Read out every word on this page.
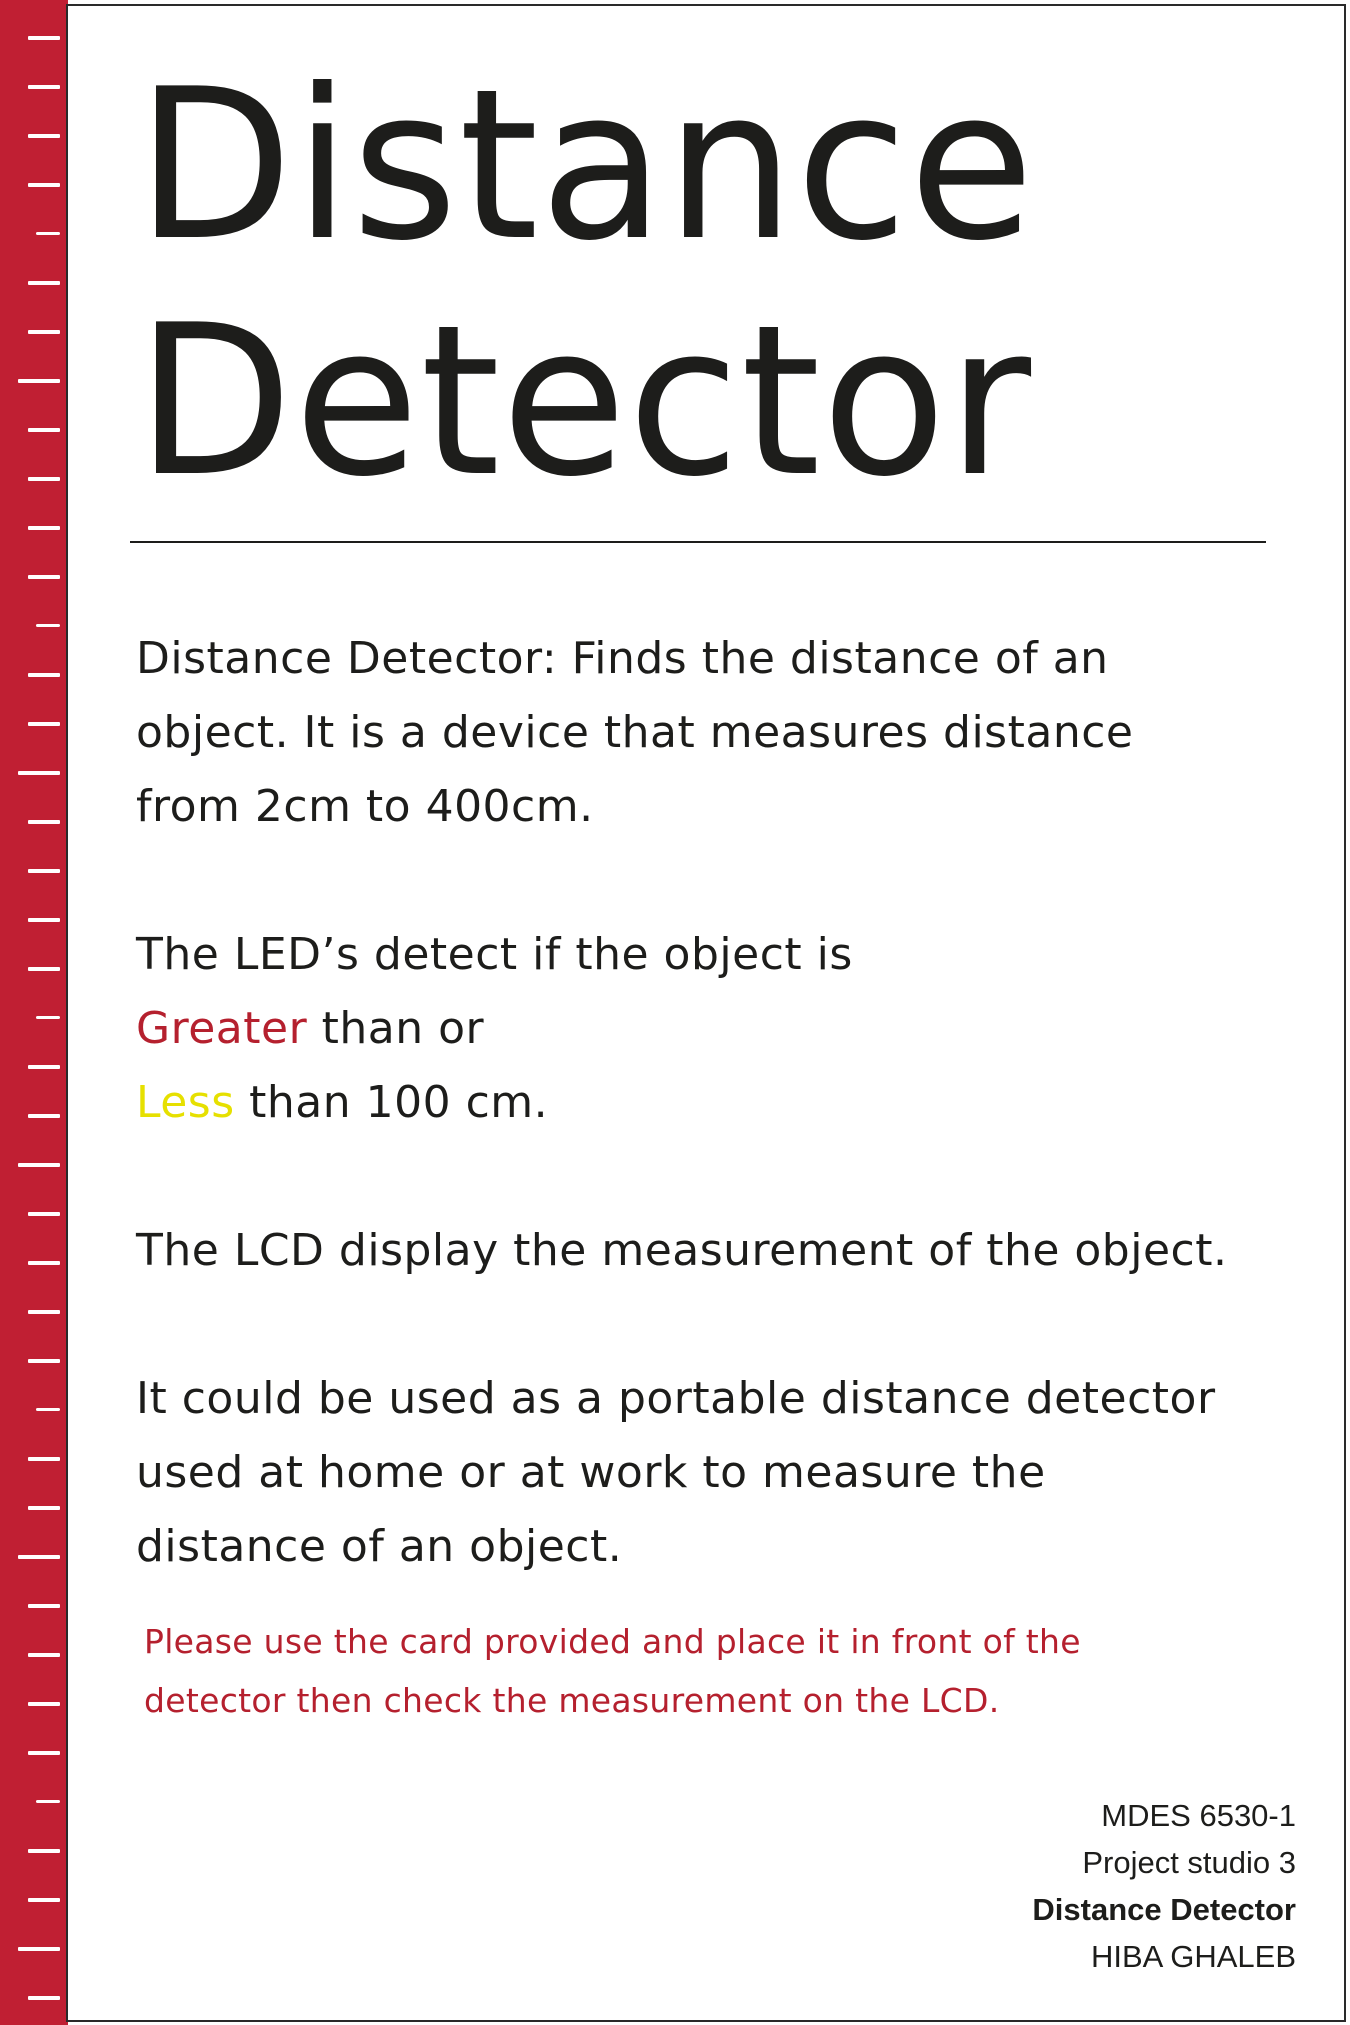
Distance
Detector

Distance Detector: Finds the distance of an

object. It is a device that measures distance

from 2cm to 400cm.

The LED’s detect if the object is

Greater than or

Less than 100 cm.

The LCD display the measurement of the object.

It could be used as a portable distance detector

used at home or at work to measure the

distance of an object.

Please use the card provided and place it in front of the

detector then check the measurement on the LCD.

MDES 6530-1
Project studio 3
Distance Detector
HIBA GHALEB
